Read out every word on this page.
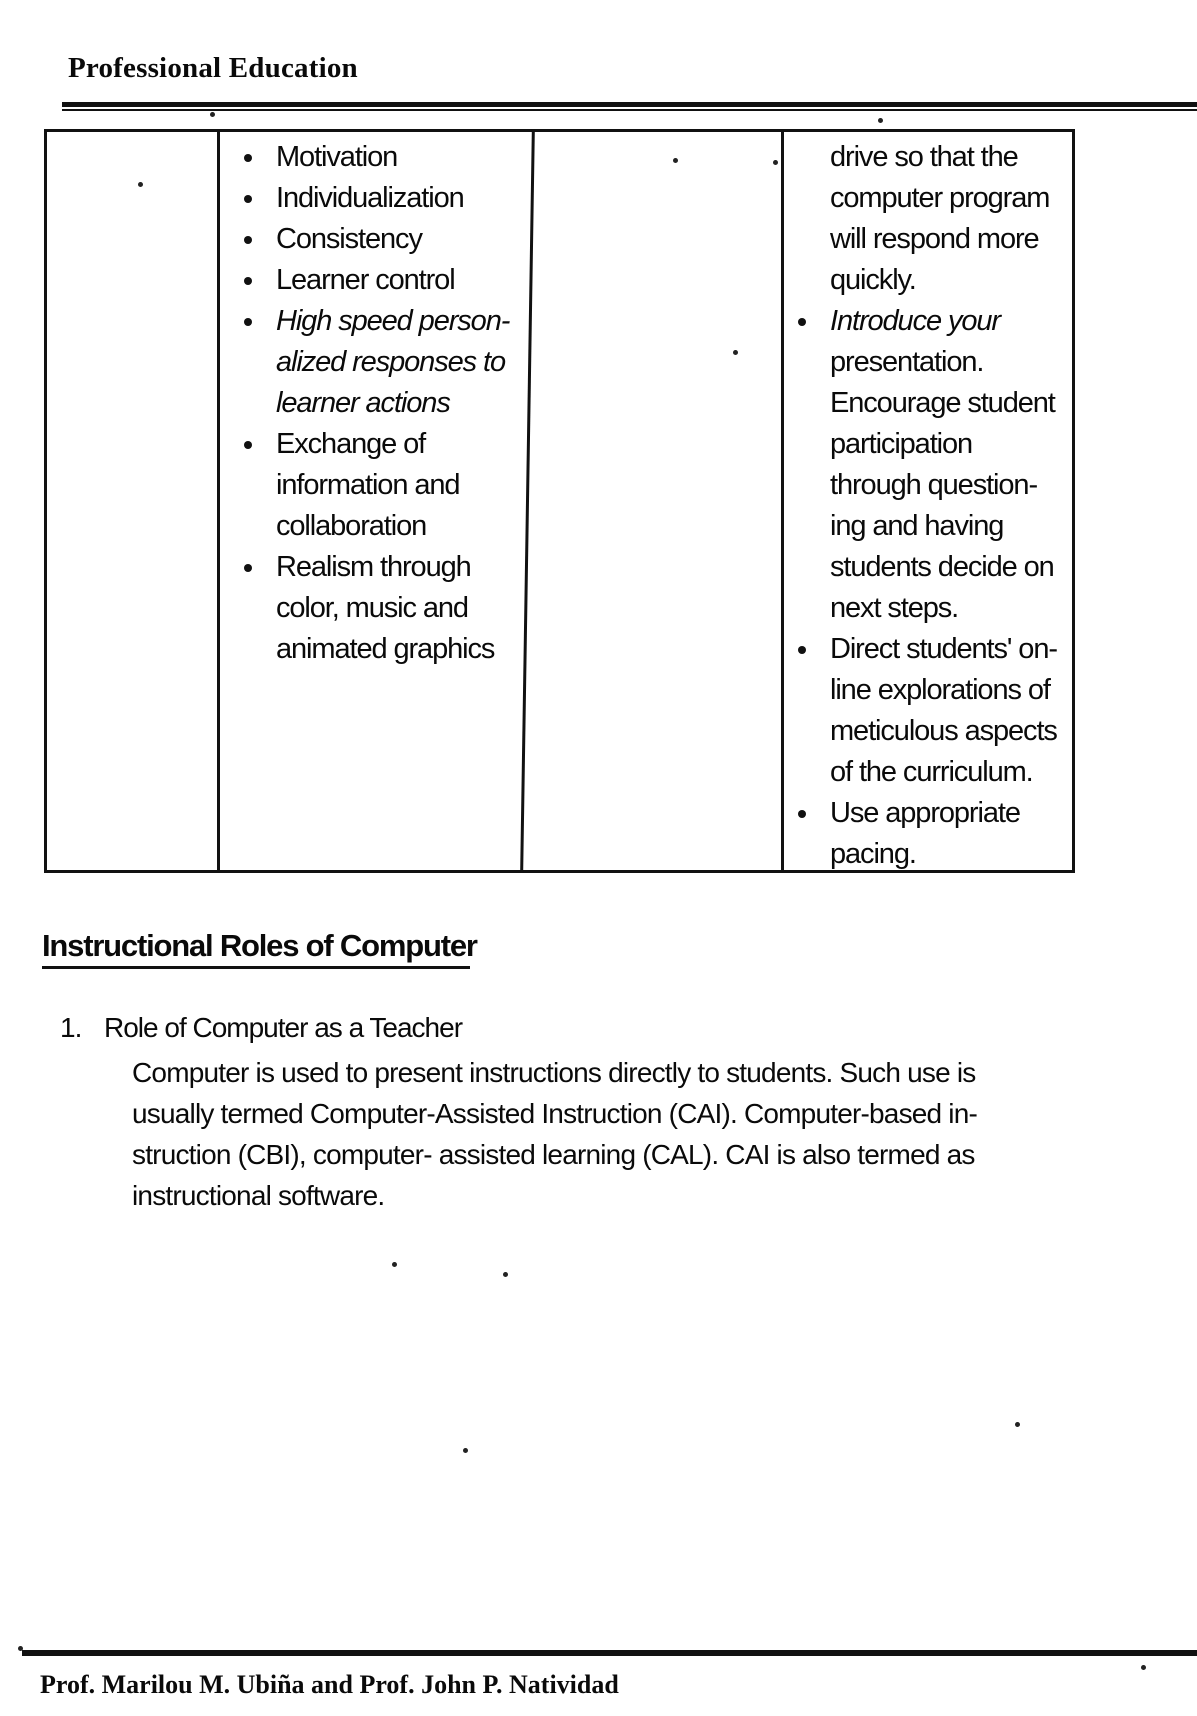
Professional Education
Motivation
Individualization
Consistency
Learner control
High speed person-
alized responses to
learner actions
Exchange of
information and
collaboration
Realism through
color, music and
animated graphics
drive so that the
computer program
will respond more
quickly.
Introduce your
presentation.
Encourage student
participation
through question-
ing and having
students decide on
next steps.
Direct students' on-
line explorations of
meticulous aspects
of the curriculum.
Use appropriate
pacing.
Instructional Roles of Computer
1. Role of Computer as a Teacher
Computer is used to present instructions directly to students. Such use is
usually termed Computer-Assisted Instruction (CAI). Computer-based in-
struction (CBI), computer- assisted learning (CAL). CAI is also termed as
instructional software.
Prof. Marilou M. Ubiña and Prof. John P. Natividad
